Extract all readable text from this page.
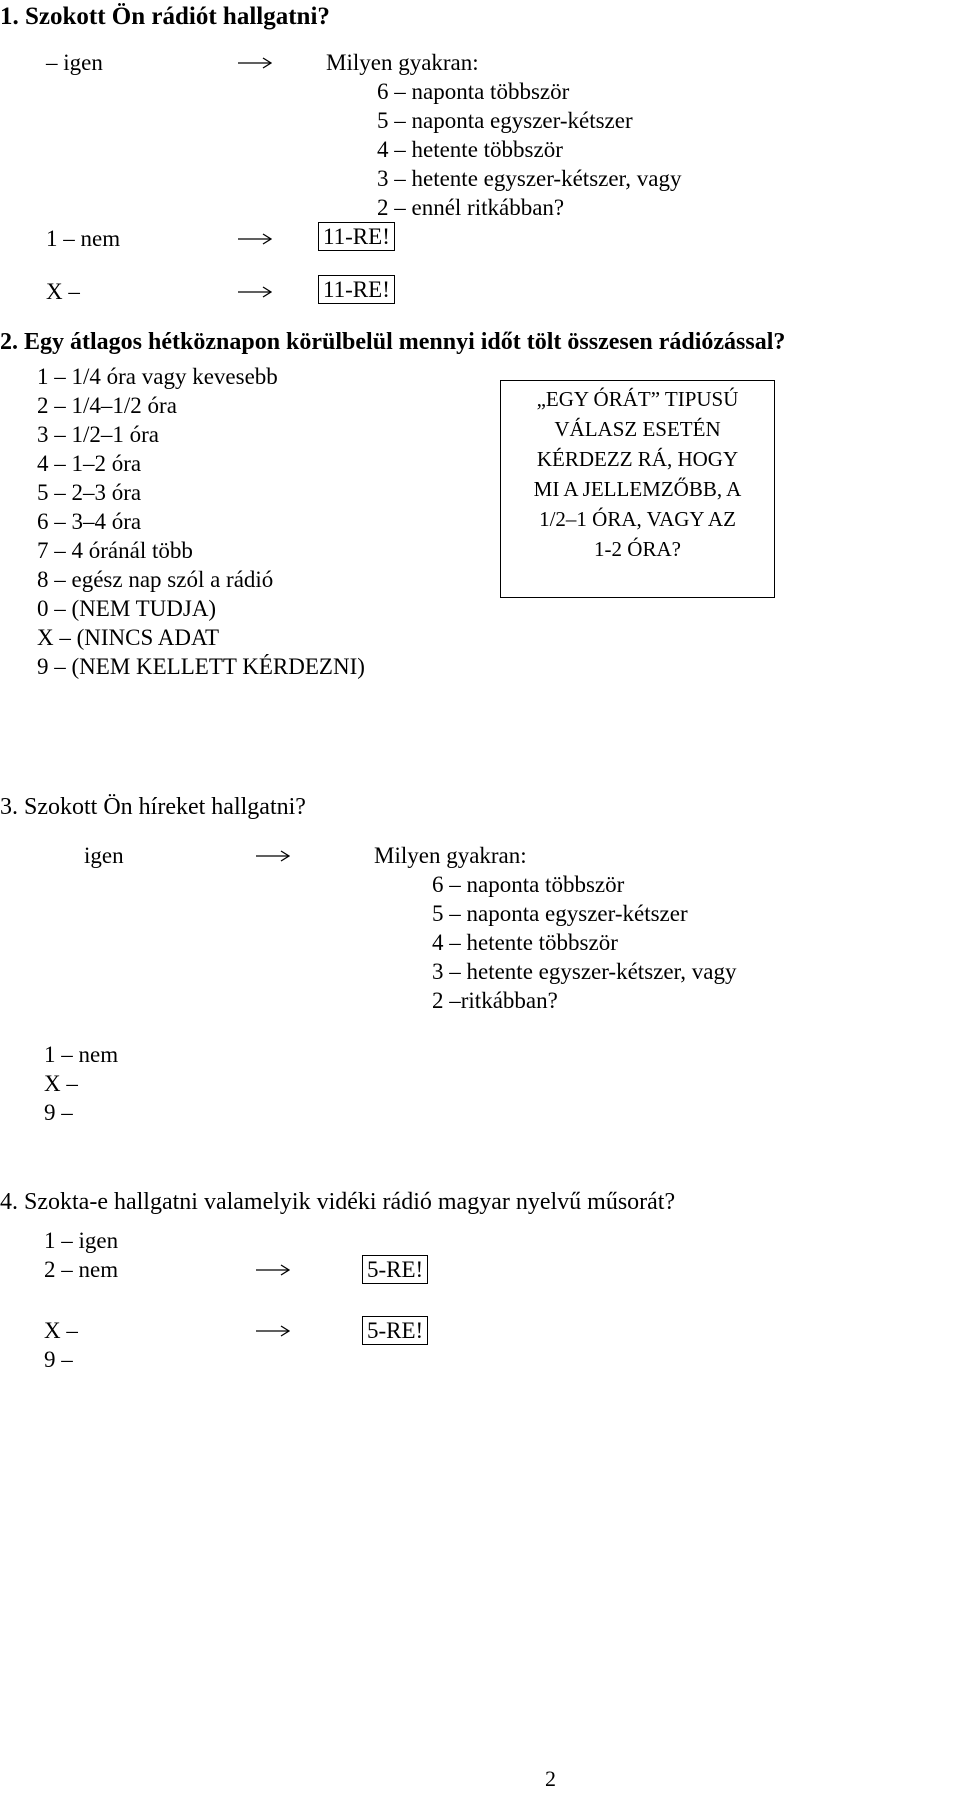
1. Szokott Ön rádiót hallgatni?
– igen	Milyen gyakran:
6 – naponta többször
5 – naponta egyszer-kétszer
4 – hetente többször
3 – hetente egyszer-kétszer, vagy
2 – ennél ritkábban?
1 – nem	11-RE!
X –	11-RE!
2. Egy átlagos hétköznapon körülbelül mennyi időt tölt összesen rádiózással?
1 – 1/4 óra vagy kevesebb
2 – 1/4–1/2 óra
3 – 1/2–1 óra
4 – 1–2 óra
5 – 2–3 óra
6 – 3–4 óra
7 – 4 óránál több
8 – egész nap szól a rádió
0 – (NEM TUDJA)
X – (NINCS ADAT
9 – (NEM KELLETT KÉRDEZNI)
„EGY ÓRÁT” TIPUSÚ
VÁLASZ ESETÉN
KÉRDEZZ RÁ, HOGY
MI A JELLEMZŐBB, A
1/2–1 ÓRA, VAGY AZ
1-2 ÓRA?
3. Szokott Ön híreket hallgatni?
igen	Milyen gyakran:
6 – naponta többször
5 – naponta egyszer-kétszer
4 – hetente többször
3 – hetente egyszer-kétszer, vagy
2 –ritkábban?
1 – nem
X –
9 –
4. Szokta-e hallgatni valamelyik vidéki rádió magyar nyelvű műsorát?
1 – igen
2 – nem	5-RE!
X –	5-RE!
9 –
2
